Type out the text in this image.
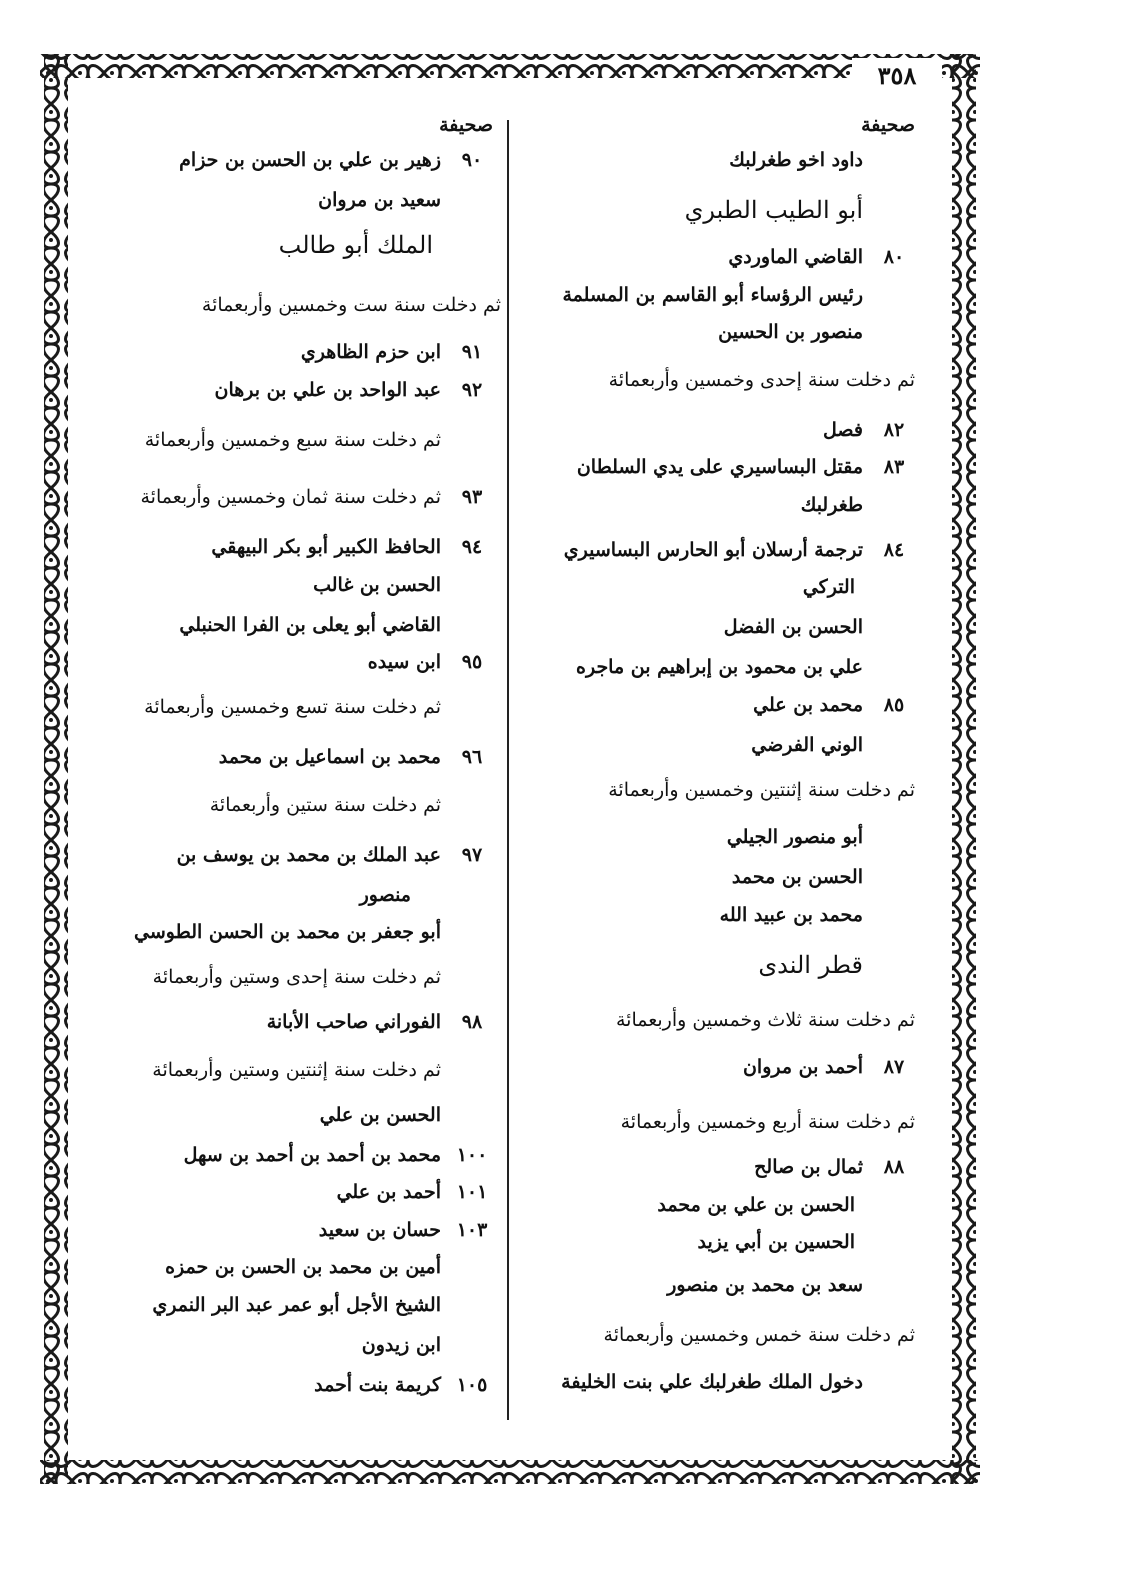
٣٥٨
صحيفة
داود اخو طغرلبك
أبو الطيب الطبري
٨٠
القاضي الماوردي
رئيس الرؤساء أبو القاسم بن المسلمة
منصور بن الحسين
ثم دخلت سنة إحدى وخمسين وأربعمائة
٨٢
فصل
٨٣
مقتل البساسيري على يدي السلطان
طغرلبك
٨٤
ترجمة أرسلان أبو الحارس البساسيري
التركي
الحسن بن الفضل
علي بن محمود بن إبراهيم بن ماجره
٨٥
محمد بن علي
الوني الفرضي
ثم دخلت سنة إثنتين وخمسين وأربعمائة
أبو منصور الجيلي
الحسن بن محمد
محمد بن عبيد الله
قطر الندى
ثم دخلت سنة ثلاث وخمسين وأربعمائة
٨٧
أحمد بن مروان
ثم دخلت سنة أربع وخمسين وأربعمائة
٨٨
ثمال بن صالح
الحسن بن علي بن محمد
الحسين بن أبي يزيد
سعد بن محمد بن منصور
ثم دخلت سنة خمس وخمسين وأربعمائة
دخول الملك طغرلبك علي بنت الخليفة
صحيفة
٩٠
زهير بن علي بن الحسن بن حزام
سعيد بن مروان
الملك أبو طالب
ثم دخلت سنة ست وخمسين وأربعمائة
٩١
ابن حزم الظاهري
٩٢
عبد الواحد بن علي بن برهان
ثم دخلت سنة سبع وخمسين وأربعمائة
٩٣
ثم دخلت سنة ثمان وخمسين وأربعمائة
٩٤
الحافظ الكبير أبو بكر البيهقي
الحسن بن غالب
القاضي أبو يعلى بن الفرا الحنبلي
٩٥
ابن سيده
ثم دخلت سنة تسع وخمسين وأربعمائة
٩٦
محمد بن اسماعيل بن محمد
ثم دخلت سنة ستين وأربعمائة
٩٧
عبد الملك بن محمد بن يوسف بن
منصور
أبو جعفر بن محمد بن الحسن الطوسي
ثم دخلت سنة إحدى وستين وأربعمائة
٩٨
الفوراني صاحب الأبانة
ثم دخلت سنة إثنتين وستين وأربعمائة
الحسن بن علي
١٠٠
محمد بن أحمد بن أحمد بن سهل
١٠١
أحمد بن علي
١٠٣
حسان بن سعيد
أمين بن محمد بن الحسن بن حمزه
الشيخ الأجل أبو عمر عبد البر النمري
ابن زيدون
١٠٥
كريمة بنت أحمد
